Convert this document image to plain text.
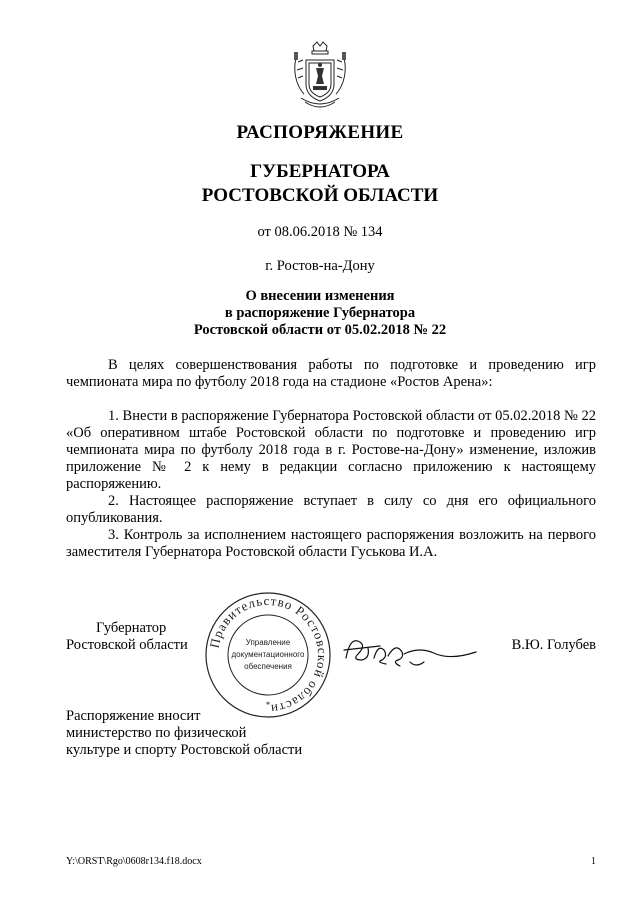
РАСПОРЯЖЕНИЕ
ГУБЕРНАТОРА
РОСТОВСКОЙ ОБЛАСТИ
от 08.06.2018 № 134
г. Ростов-на-Дону
О внесении изменения
в распоряжение Губернатора
Ростовской области от 05.02.2018 № 22

В целях совершенствования работы по подготовке и проведению игр чемпионата мира по футболу 2018 года на стадионе «Ростов Арена»:

1. Внести в распоряжение Губернатора Ростовской области от 05.02.2018 № 22 «Об оперативном штабе Ростовской области по подготовке и проведению игр чемпионата мира по футболу 2018 года в г. Ростове-на-Дону» изменение, изложив приложение № 2 к нему в редакции согласно приложению к настоящему распоряжению.

2. Настоящее распоряжение вступает в силу со дня его официального опубликования.

3. Контроль за исполнением настоящего распоряжения возложить на первого заместителя Губернатора Ростовской области Гуськова И.А.

Губернатор
Ростовской области Правительство Ростовской области
Управление
документационного
обеспечения
*
В.Ю. Голубев
Распоряжение вносит
министерство по физической
культуре и спорту Ростовской области
Y:\ORST\Rgo\0608r134.f18.docx	1
